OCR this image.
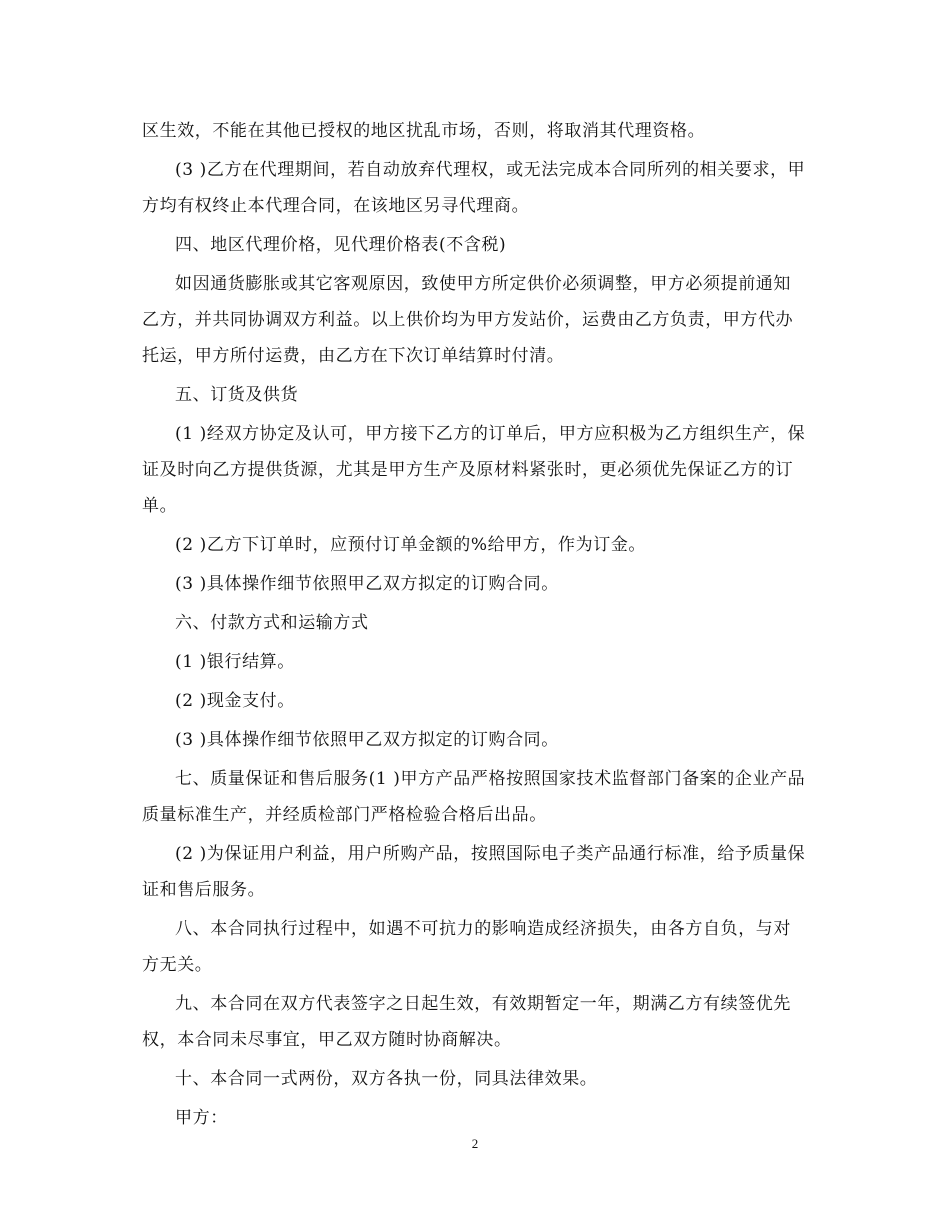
区生效，不能在其他已授权的地区扰乱市场，否则，将取消其代理资格。

(3 )乙方在代理期间，若自动放弃代理权，或无法完成本合同所列的相关要求，甲方均有权终止本代理合同，在该地区另寻代理商。

四、地区代理价格，见代理价格表(不含税)

如因通货膨胀或其它客观原因，致使甲方所定供价必须调整，甲方必须提前通知乙方，并共同协调双方利益。以上供价均为甲方发站价，运费由乙方负责，甲方代办托运，甲方所付运费，由乙方在下次订单结算时付清。

五、订货及供货

(1 )经双方协定及认可，甲方接下乙方的订单后，甲方应积极为乙方组织生产，保证及时向乙方提供货源，尤其是甲方生产及原材料紧张时，更必须优先保证乙方的订单。

(2 )乙方下订单时，应预付订单金额的%给甲方，作为订金。

(3 )具体操作细节依照甲乙双方拟定的订购合同。

六、付款方式和运输方式

(1 )银行结算。

(2 )现金支付。

(3 )具体操作细节依照甲乙双方拟定的订购合同。

七、质量保证和售后服务(1 )甲方产品严格按照国家技术监督部门备案的企业产品质量标准生产，并经质检部门严格检验合格后出品。

(2 )为保证用户利益，用户所购产品，按照国际电子类产品通行标准，给予质量保证和售后服务。

八、本合同执行过程中，如遇不可抗力的影响造成经济损失，由各方自负，与对方无关。

九、本合同在双方代表签字之日起生效，有效期暂定一年，期满乙方有续签优先权，本合同未尽事宜，甲乙双方随时协商解决。

十、本合同一式两份，双方各执一份，同具法律效果。

甲方：

2
